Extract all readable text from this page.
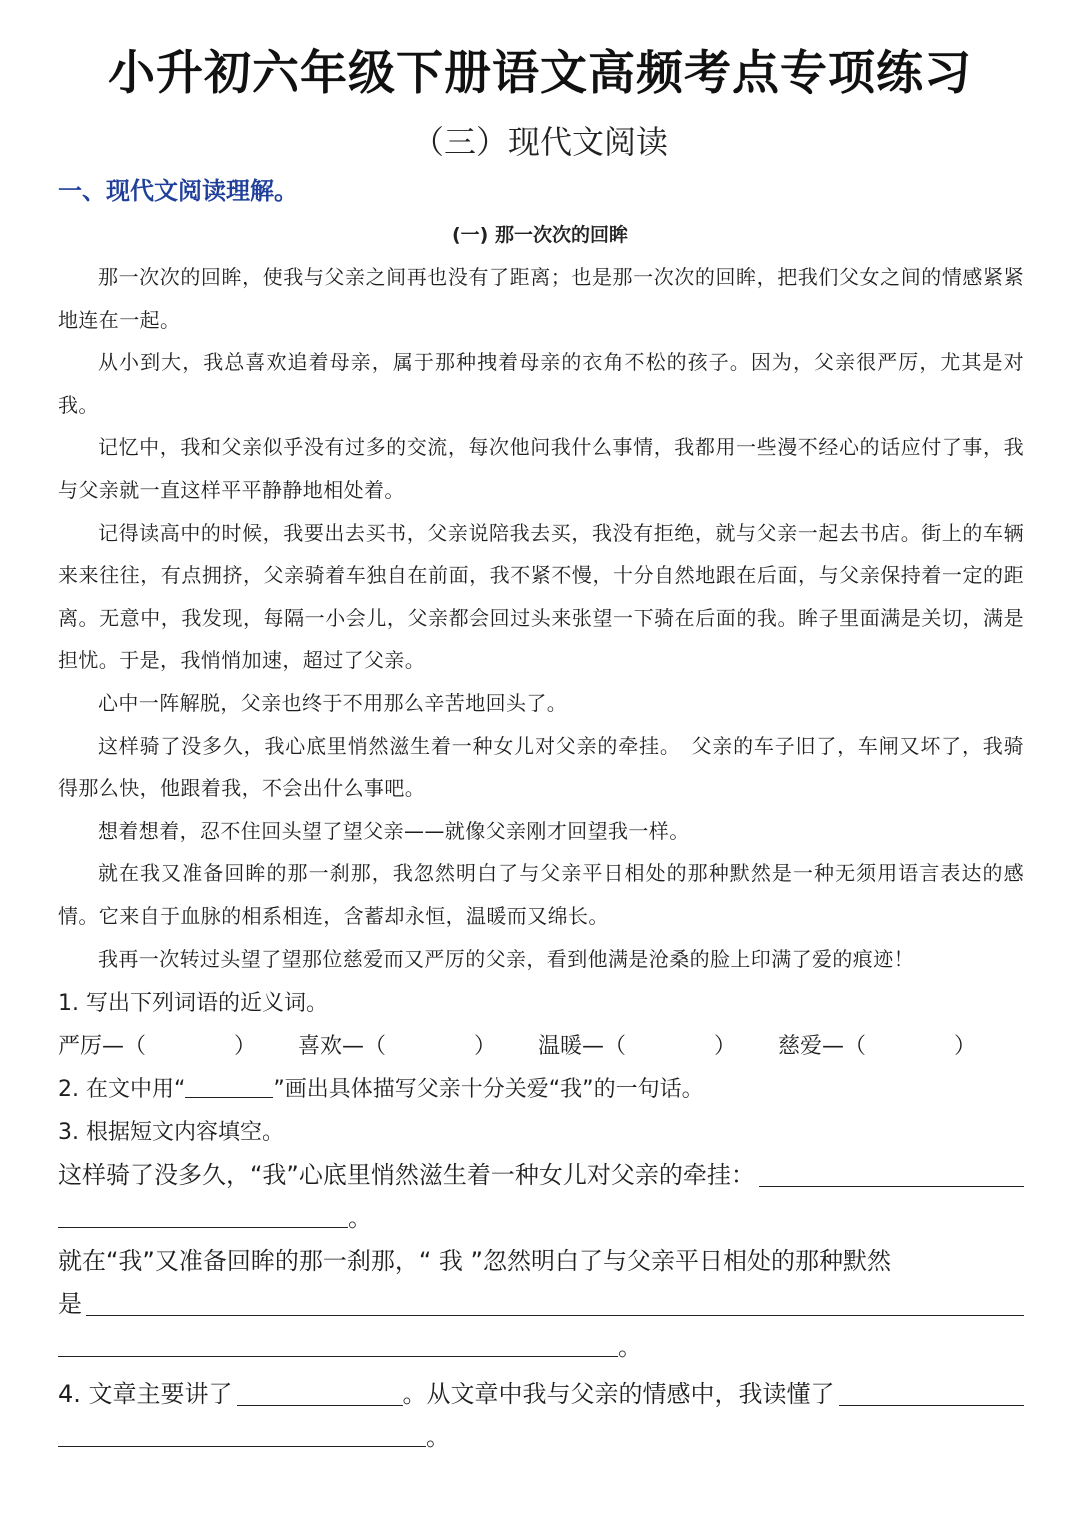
小升初六年级下册语文高频考点专项练习
（三）现代文阅读
一、现代文阅读理解。
(一) 那一次次的回眸

那一次次的回眸，使我与父亲之间再也没有了距离；也是那一次次的回眸，把我们父女之间的情感紧紧地连在一起。

从小到大，我总喜欢追着母亲，属于那种拽着母亲的衣角不松的孩子。因为，父亲很严厉，尤其是对我。

记忆中，我和父亲似乎没有过多的交流，每次他问我什么事情，我都用一些漫不经心的话应付了事，我与父亲就一直这样平平静静地相处着。

记得读高中的时候，我要出去买书，父亲说陪我去买，我没有拒绝，就与父亲一起去书店。街上的车辆来来往往，有点拥挤，父亲骑着车独自在前面，我不紧不慢，十分自然地跟在后面，与父亲保持着一定的距离。无意中，我发现，每隔一小会儿，父亲都会回过头来张望一下骑在后面的我。眸子里面满是关切，满是担忧。于是，我悄悄加速，超过了父亲。

心中一阵解脱，父亲也终于不用那么辛苦地回头了。

这样骑了没多久，我心底里悄然滋生着一种女儿对父亲的牵挂。　父亲的车子旧了，车闸又坏了，我骑得那么快，他跟着我，不会出什么事吧。

想着想着，忍不住回头望了望父亲——就像父亲刚才回望我一样。

就在我又准备回眸的那一刹那，我忽然明白了与父亲平日相处的那种默然是一种无须用语言表达的感情。它来自于血脉的相系相连，含蓄却永恒，温暖而又绵长。

我再一次转过头望了望那位慈爱而又严厉的父亲，看到他满是沧桑的脸上印满了爱的痕迹！

1. 写出下列词语的近义词。
严厉—（　　　　） 喜欢—（　　　　） 温暖—（　　　　） 慈爱—（　　　　）
2. 在文中用“	”画出具体描写父亲十分关爱“我”的一句话。
3. 根据短文内容填空。
这样骑了没多久，“我”心底里悄然滋生着一种女儿对父亲的牵挂：
。
就在“我”又准备回眸的那一刹那，“ 我 ”忽然明白了与父亲平日相处的那种默然
是
。
4. 文章主要讲了	。从文章中我与父亲的情感中，我读懂了
。
